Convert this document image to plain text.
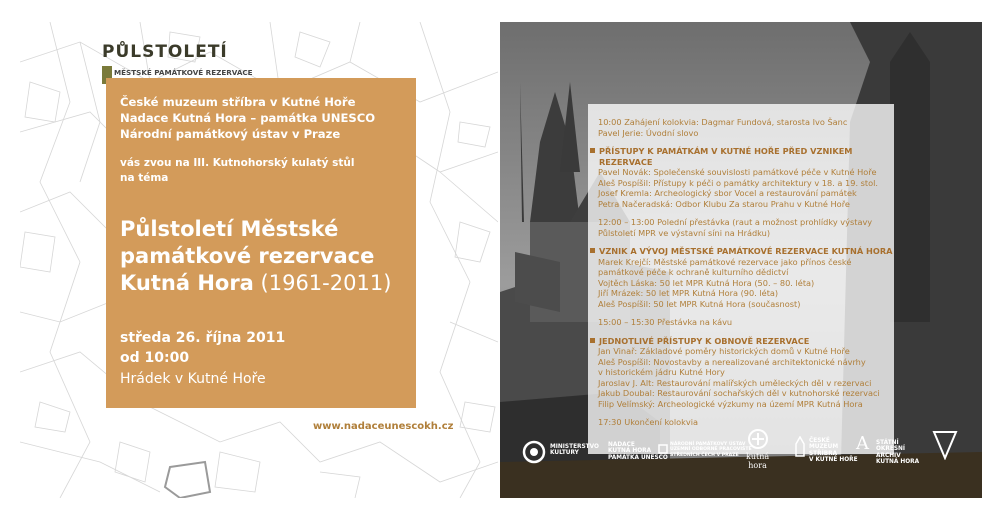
PŮLSTOLETÍ
MĚSTSKÉ PAMÁTKOVÉ REZERVACE
České muzeum stříbra v Kutné Hoře
Nadace Kutná Hora – památka UNESCO
Národní památkový ústav v Praze
vás zvou na III. Kutnohorský kulatý stůl
na téma
Půlstoletí Městské
památkové rezervace
Kutná Hora (1961-2011)
středa 26. října 2011
od 10:00
Hrádek v Kutné Hoře
www.nadaceunescokh.cz
10:00 Zahájení kolokvia: Dagmar Fundová, starosta Ivo Šanc
Pavel Jerie: Úvodní slovo
PŘÍSTUPY K PAMÁTKÁM V KUTNÉ HOŘE PŘED VZNIKEM REZERVACE
Pavel Novák: Společenské souvislosti památkové péče v Kutné Hoře
Aleš Pospíšil: Přístupy k péči o památky architektury v 18. a 19. stol.
Josef Kremla: Archeologický sbor Vocel a restaurování památek
Petra Načeradská: Odbor Klubu Za starou Prahu v Kutné Hoře
12:00 – 13:00 Polední přestávka (raut a možnost prohlídky výstavy
Půlstoletí MPR ve výstavní síni na Hrádku)
VZNIK A VÝVOJ MĚSTSKÉ PAMÁTKOVÉ REZERVACE KUTNÁ HORA
Marek Krejčí: Městské památkové rezervace jako přínos české
památkové péče k ochraně kulturního dědictví
Vojtěch Láska: 50 let MPR Kutná Hora (50. – 80. léta)
Jiří Mrázek: 50 let MPR Kutná Hora (90. léta)
Aleš Pospíšil: 50 let MPR Kutná Hora (současnost)
15:00 – 15:30 Přestávka na kávu
JEDNOTLIVÉ PŘÍSTUPY K OBNOVĚ REZERVACE
Jan Vinař: Základové poměry historických domů v Kutné Hoře
Aleš Pospíšil: Novostavby a nerealizované architektonické návrhy
v historickém jádru Kutné Hory
Jaroslav J. Alt: Restaurování malířských uměleckých děl v rezervaci
Jakub Doubal: Restaurování sochařských děl v kutnohorské rezervaci
Filip Velímský: Archeologické výzkumy na území MPR Kutná Hora
17:30 Ukončení kolokvia
MINISTERSTVO
KULTURY
NADACE
KUTNÁ HORA
PAMÁTKA UNESCO
NÁRODNÍ PAMÁTKOVÝ ÚSTAV
ÚZEMNÍ ODBORNÉ PRACOVIŠTĚ
STŘEDNÍCH ČECH V PRAZE kutná
hora
ČESKÉ
MUZEUM
STŘÍBRA
V KUTNÉ HOŘE
A STÁTNÍ
OKRESNÍ
ARCHIV
KUTNÁ HORA
